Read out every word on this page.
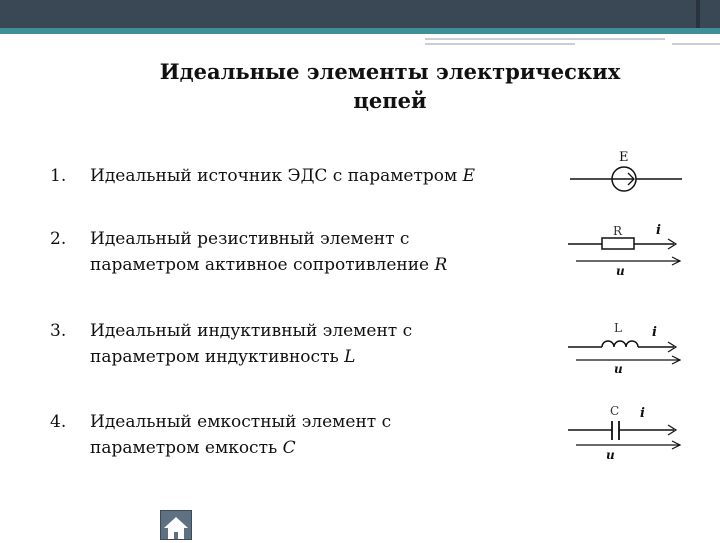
Идеальные элементы электрических цепей
1.	Идеальный источник ЭДС с параметром E
2.	Идеальный резистивный элемент с
параметром активное сопротивление R
3.	Идеальный индуктивный элемент с
параметром индуктивность L
4.	Идеальный емкостный элемент с
параметром емкость C
E
R	i
u
L i
u
C i
u
